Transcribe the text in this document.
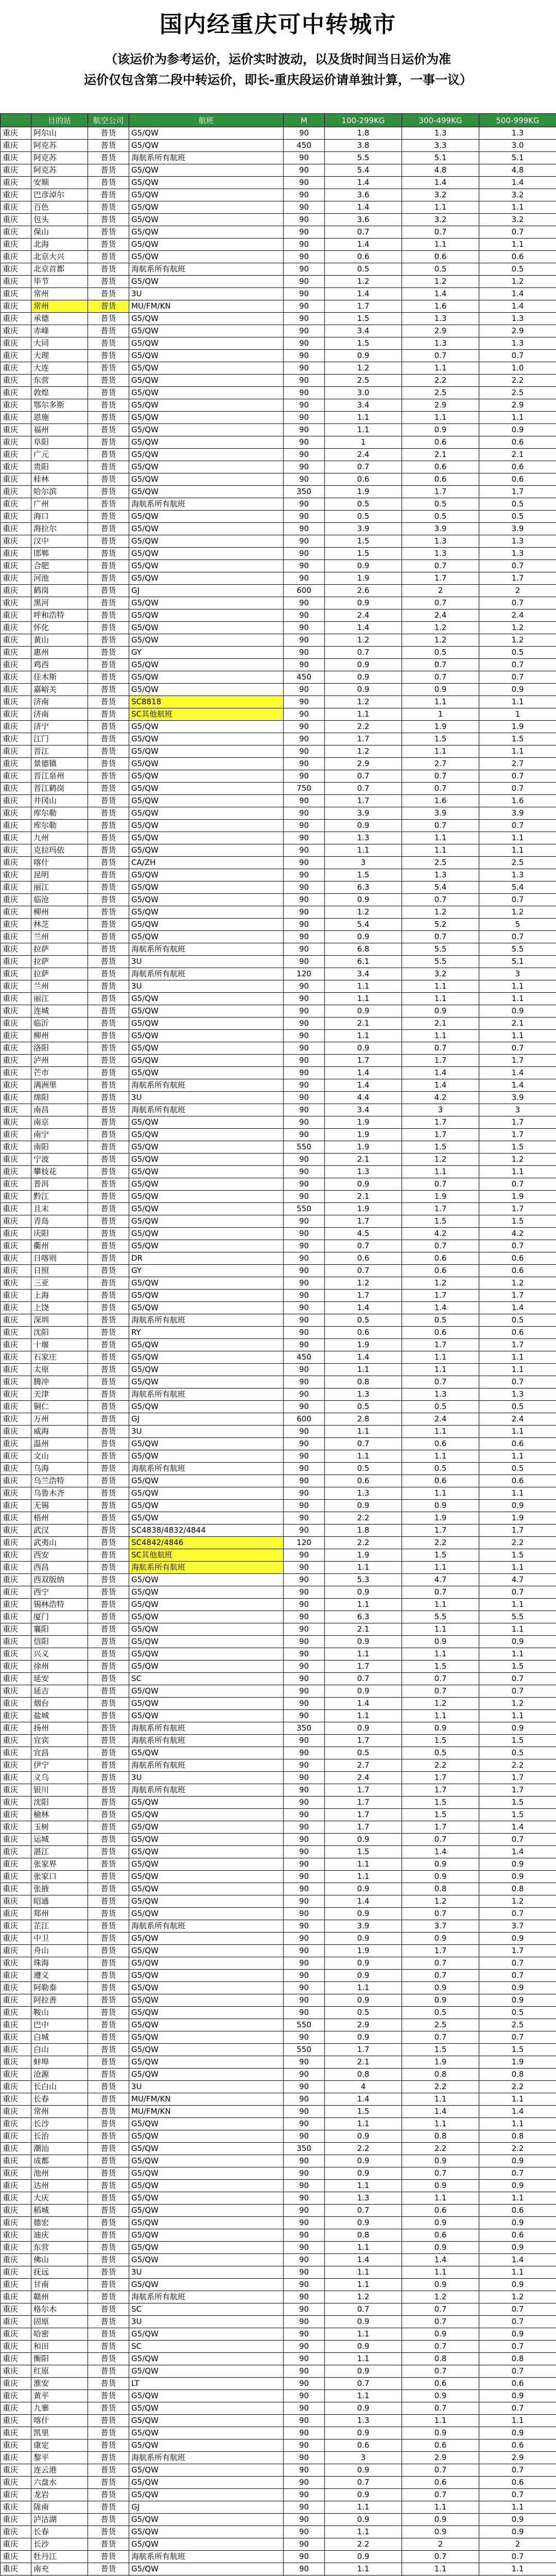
国内经重庆可中转城市
（该运价为参考运价，运价实时波动，以及货时间当日运价为准
运价仅包含第二段中转运价，即长-重庆段运价请单独计算，一事一议）
	目的站	航空公司	航班	M	100-299KG	300-499KG	500-999KG
重庆	阿尔山	普货	G5/QW	90	1.8	1.3	1.3
重庆	阿克苏	普货	G5/QW	450	3.8	3.3	3.0
重庆	阿克苏	普货	海航系所有航班	90	5.5	5.1	5.1
重庆	阿克苏	普货	G5/QW	90	5.4	4.8	4.8
重庆	安顺	普货	G5/QW	90	1.4	1.4	1.4
重庆	巴彦淖尔	普货	G5/QW	90	3.6	3.2	3.2
重庆	百色	普货	G5/QW	90	1.4	1.1	1.1
重庆	包头	普货	G5/QW	90	3.6	3.2	3.2
重庆	保山	普货	G5/QW	90	0.7	0.7	0.7
重庆	北海	普货	G5/QW	90	1.4	1.1	1.1
重庆	北京大兴	普货	G5/QW	90	0.6	0.6	0.6
重庆	北京首都	普货	海航系所有航班	90	0.5	0.5	0.5
重庆	毕节	普货	G5/QW	90	1.2	1.2	1.2
重庆	常州	普货	3U	90	1.4	1.4	1.4
重庆	常州	普货	MU/FM/KN	90	1.7	1.6	1.4
重庆	承德	普货	G5/QW	90	1.5	1.3	1.3
重庆	赤峰	普货	G5/QW	90	3.4	2.9	2.9
重庆	大同	普货	G5/QW	90	1.5	1.3	1.3
重庆	大理	普货	G5/QW	90	0.9	0.7	0.7
重庆	大连	普货	G5/QW	90	1.2	1.1	1.0
重庆	东营	普货	G5/QW	90	2.5	2.2	2.2
重庆	敦煌	普货	G5/QW	90	3.0	2.5	2.5
重庆	鄂尔多斯	普货	G5/QW	90	3.4	2.9	2.9
重庆	恩施	普货	G5/QW	90	1.1	1.1	1.1
重庆	福州	普货	G5/QW	90	1.1	0.9	0.9
重庆	阜阳	普货	G5/QW	90	1	0.6	0.6
重庆	广元	普货	G5/QW	90	2.4	2.1	2.1
重庆	贵阳	普货	G5/QW	90	0.7	0.6	0.6
重庆	桂林	普货	G5/QW	90	0.6	0.6	0.6
重庆	哈尔滨	普货	G5/QW	350	1.9	1.7	1.7
重庆	广州	普货	海航系所有航班	90	0.5	0.5	0.5
重庆	海口	普货	G5/QW	90	0.5	0.5	0.5
重庆	海拉尔	普货	G5/QW	90	3.9	3.9	3.9
重庆	汉中	普货	G5/QW	90	1.5	1.3	1.3
重庆	邯郸	普货	G5/QW	90	1.5	1.3	1.3
重庆	合肥	普货	G5/QW	90	0.9	0.7	0.7
重庆	河池	普货	G5/QW	90	1.9	1.7	1.7
重庆	鹤岗	普货	GJ	600	2.6	2	2
重庆	黑河	普货	G5/QW	90	0.9	0.7	0.7
重庆	呼和浩特	普货	G5/QW	90	2.4	2.4	2.4
重庆	怀化	普货	G5/QW	90	1.4	1.2	1.2
重庆	黄山	普货	G5/QW	90	1.2	1.2	1.2
重庆	惠州	普货	GY	90	0.7	0.5	0.5
重庆	鸡西	普货	G5/QW	90	0.9	0.7	0.7
重庆	佳木斯	普货	G5/QW	450	0.9	0.7	0.7
重庆	嘉峪关	普货	G5/QW	90	0.9	0.9	0.9
重庆	济南	普货	SC8818	90	1.2	1.1	1.1
重庆	济南	普货	SC其他航班	90	1.1	1	1
重庆	济宁	普货	G5/QW	90	2.2	1.9	1.9
重庆	江门	普货	G5/QW	90	1.7	1.5	1.5
重庆	晋江	普货	G5/QW	90	1.2	1.1	1.1
重庆	景德镇	普货	G5/QW	90	2.9	2.7	2.7
重庆	晋江泉州	普货	G5/QW	90	0.7	0.7	0.7
重庆	晋江鹤岗	普货	G5/QW	750	0.7	0.7	0.7
重庆	井冈山	普货	G5/QW	90	1.7	1.6	1.6
重庆	库尔勒	普货	G5/QW	90	3.9	3.9	3.9
重庆	库尔勒	普货	G5/QW	90	0.9	0.7	0.7
重庆	九州	普货	G5/QW	90	1.3	1.1	1.1
重庆	克拉玛依	普货	G5/QW	90	1.1	1.1	1.1
重庆	喀什	普货	CA/ZH	90	3	2.5	2.5
重庆	昆明	普货	G5/QW	90	1.5	1.3	1.3
重庆	丽江	普货	G5/QW	90	6.3	5.4	5.4
重庆	临沧	普货	G5/QW	90	0.9	0.7	0.7
重庆	柳州	普货	G5/QW	90	1.2	1.2	1.2
重庆	林芝	普货	G5/QW	90	5.4	5.2	5
重庆	兰州	普货	G5/QW	90	0.9	0.7	0.7
重庆	拉萨	普货	海航系所有航班	90	6.8	5.5	5.5
重庆	拉萨	普货	3U	90	6.1	5.5	5.1
重庆	拉萨	普货	海航系所有航班	120	3.4	3.2	3
重庆	兰州	普货	3U	90	1.1	1.1	1.1
重庆	丽江	普货	G5/QW	90	1.1	1.1	1.1
重庆	连城	普货	G5/QW	90	0.9	0.9	0.9
重庆	临沂	普货	G5/QW	90	2.1	2.1	2.1
重庆	柳州	普货	G5/QW	90	1.1	1.1	1.1
重庆	洛阳	普货	G5/QW	90	0.9	0.7	0.7
重庆	泸州	普货	G5/QW	90	1.7	1.7	1.7
重庆	芒市	普货	G5/QW	90	1.4	1.4	1.4
重庆	满洲里	普货	海航系所有航班	90	1.4	1.4	1.4
重庆	绵阳	普货	3U	90	4.4	4.2	3.9
重庆	南昌	普货	海航系所有航班	90	3.4	3	3
重庆	南京	普货	G5/QW	90	1.9	1.7	1.7
重庆	南宁	普货	G5/QW	90	1.9	1.7	1.7
重庆	南阳	普货	G5/QW	550	1.9	1.5	1.5
重庆	宁波	普货	G5/QW	90	2.1	1.2	1.2
重庆	攀枝花	普货	G5/QW	90	1.3	1.1	1.1
重庆	普洱	普货	G5/QW	90	0.9	0.7	0.7
重庆	黔江	普货	G5/QW	90	2.1	1.9	1.9
重庆	且末	普货	G5/QW	550	1.9	1.7	1.7
重庆	青岛	普货	G5/QW	90	1.7	1.5	1.5
重庆	庆阳	普货	G5/QW	90	4.5	4.2	4.2
重庆	衢州	普货	G5/QW	90	0.7	0.7	0.7
重庆	日喀则	普货	DR	90	0.6	0.6	0.6
重庆	日照	普货	GY	90	0.7	0.6	0.6
重庆	三亚	普货	G5/QW	90	1.2	1.2	1.2
重庆	上海	普货	G5/QW	90	1.7	1.7	1.7
重庆	上饶	普货	G5/QW	90	1.4	1.4	1.4
重庆	深圳	普货	海航系所有航班	90	0.5	0.5	0.5
重庆	沈阳	普货	RY	90	0.6	0.6	0.6
重庆	十堰	普货	G5/QW	90	1.9	1.7	1.7
重庆	石家庄	普货	G5/QW	450	1.4	1.1	1.1
重庆	太原	普货	G5/QW	90	1.1	1.1	1.1
重庆	腾冲	普货	G5/QW	90	0.8	0.7	0.7
重庆	天津	普货	海航系所有航班	90	1.3	1.3	1.3
重庆	铜仁	普货	G5/QW	90	0.5	0.5	0.5
重庆	万州	普货	GJ	600	2.8	2.4	2.4
重庆	威海	普货	3U	90	1.1	1.1	1.1
重庆	温州	普货	G5/QW	90	0.7	0.6	0.6
重庆	文山	普货	G5/QW	90	1.1	1.1	1.1
重庆	乌海	普货	海航系所有航班	90	0.5	0.5	0.5
重庆	乌兰浩特	普货	G5/QW	90	0.6	0.6	0.6
重庆	乌鲁木齐	普货	G5/QW	90	1.3	1.1	1.1
重庆	无锡	普货	G5/QW	90	0.9	0.9	0.9
重庆	梧州	普货	G5/QW	90	2.2	1.9	1.9
重庆	武汉	普货	SC4838/4832/4844	90	1.8	1.7	1.7
重庆	武夷山	普货	SC4842/4846	120	2.2	2.2	2.2
重庆	西安	普货	SC其他航班	90	1.9	1.5	1.5
重庆	西昌	普货	海航系所有航班	90	1.1	1.1	1.1
重庆	西双版纳	普货	G5/QW	90	5.3	4.7	4.7
重庆	西宁	普货	G5/QW	90	0.9	0.7	0.7
重庆	锡林浩特	普货	G5/QW	90	1.1	1.1	1.1
重庆	厦门	普货	G5/QW	90	6.3	5.5	5.5
重庆	襄阳	普货	G5/QW	90	2.1	1.1	1.1
重庆	信阳	普货	G5/QW	90	0.9	0.9	0.9
重庆	兴义	普货	G5/QW	90	1.1	1.1	1.1
重庆	徐州	普货	G5/QW	90	1.7	1.5	1.5
重庆	延安	普货	SC	90	0.7	0.7	0.7
重庆	延吉	普货	G5/QW	90	0.9	0.7	0.7
重庆	烟台	普货	G5/QW	90	1.4	1.2	1.2
重庆	盐城	普货	G5/QW	90	1.1	1.1	1.1
重庆	扬州	普货	海航系所有航班	350	0.9	0.9	0.9
重庆	宜宾	普货	海航系所有航班	90	1.7	1.5	1.5
重庆	宜昌	普货	G5/QW	90	0.5	0.5	0.5
重庆	伊宁	普货	海航系所有航班	90	2.7	2.2	2.2
重庆	义乌	普货	3U	90	2.4	1.7	1.7
重庆	银川	普货	海航系所有航班	90	1.7	1.7	1.7
重庆	沈阳	普货	G5/QW	90	1.7	1.5	1.5
重庆	榆林	普货	G5/QW	90	1.7	1.5	1.5
重庆	玉树	普货	G5/QW	90	1.7	1.7	1.4
重庆	运城	普货	G5/QW	90	0.9	0.7	0.7
重庆	湛江	普货	G5/QW	90	1.5	1.4	1.4
重庆	张家界	普货	G5/QW	90	1.1	0.9	0.9
重庆	张家口	普货	G5/QW	90	1.1	0.9	0.9
重庆	张掖	普货	G5/QW	90	0.9	0.8	0.8
重庆	昭通	普货	G5/QW	90	1.4	1.2	1.2
重庆	郑州	普货	G5/QW	90	0.9	0.7	0.7
重庆	芷江	普货	海航系所有航班	90	3.9	3.7	3.7
重庆	中卫	普货	G5/QW	90	0.9	0.9	0.9
重庆	舟山	普货	G5/QW	90	1.9	1.7	1.7
重庆	珠海	普货	G5/QW	90	0.9	0.7	0.7
重庆	遵义	普货	G5/QW	90	0.9	0.7	0.7
重庆	阿勒泰	普货	G5/QW	90	1.1	0.9	0.9
重庆	阿拉善	普货	G5/QW	90	0.9	0.9	0.9
重庆	鞍山	普货	G5/QW	90	0.5	0.5	0.5
重庆	巴中	普货	G5/QW	550	2.9	2.5	2.5
重庆	白城	普货	G5/QW	90	0.9	0.7	0.7
重庆	白山	普货	G5/QW	550	1.7	1.5	1.5
重庆	蚌埠	普货	G5/QW	90	2.1	1.9	1.9
重庆	沧源	普货	G5/QW	90	0.8	0.8	0.8
重庆	长白山	普货	3U	90	4	2.2	2.2
重庆	长春	普货	MU/FM/KN	90	1.4	1.1	1.1
重庆	常州	普货	MU/FM/KN	90	1.5	1.4	1.4
重庆	长沙	普货	G5/QW	90	1.1	1.1	1.1
重庆	长治	普货	G5/QW	90	0.9	0.8	0.8
重庆	潮汕	普货	G5/QW	350	2.2	2.2	2.2
重庆	成都	普货	G5/QW	90	0.9	0.9	0.9
重庆	池州	普货	G5/QW	90	0.9	0.7	0.7
重庆	达州	普货	G5/QW	90	1.1	0.9	0.9
重庆	大庆	普货	G5/QW	90	1.3	1.1	1.1
重庆	稻城	普货	G5/QW	90	0.7	0.6	0.6
重庆	德宏	普货	G5/QW	90	0.9	0.9	0.9
重庆	迪庆	普货	G5/QW	90	0.8	0.6	0.6
重庆	东营	普货	G5/QW	90	1.1	0.9	0.9
重庆	佛山	普货	G5/QW	90	1.4	1.4	1.4
重庆	抚远	普货	3U	90	1.1	1.1	1.1
重庆	甘南	普货	G5/QW	90	1.1	0.9	0.9
重庆	赣州	普货	海航系所有航班	90	1.2	1.2	1.2
重庆	格尔木	普货	SC	90	0.7	0.7	0.7
重庆	固原	普货	3U	90	0.9	0.7	0.7
重庆	哈密	普货	G5/QW	90	1.1	0.9	0.9
重庆	和田	普货	SC	90	0.9	0.7	0.7
重庆	衡阳	普货	G5/QW	90	1.1	0.8	0.8
重庆	红原	普货	G5/QW	90	0.9	0.7	0.7
重庆	淮安	普货	LT	90	0.7	0.6	0.6
重庆	黄平	普货	G5/QW	90	1.1	0.9	0.9
重庆	九寨	普货	G5/QW	90	0.9	0.7	0.7
重庆	喀什	普货	G5/QW	90	1.3	1.1	1.1
重庆	凯里	普货	G5/QW	90	0.9	0.9	0.9
重庆	康定	普货	G5/QW	90	0.6	0.6	0.6
重庆	黎平	普货	海航系所有航班	90	3	2.9	2.9
重庆	连云港	普货	G5/QW	90	0.9	0.7	0.7
重庆	六盘水	普货	G5/QW	90	0.7	0.6	0.6
重庆	龙岩	普货	G5/QW	90	0.9	0.7	0.7
重庆	陇南	普货	GJ	90	1.1	1.1	1.1
重庆	泸沽湖	普货	G5/QW	90	0.9	0.9	0.9
重庆	长春	普货	G5/QW	90	1.1	0.9	0.9
重庆	长沙	普货	G5/QW	90	2.2	2	2
重庆	牡丹江	普货	海航系所有航班	90	0.9	0.7	0.7
重庆	南充	普货	G5/QW	90	1.1	1.1	1.1
